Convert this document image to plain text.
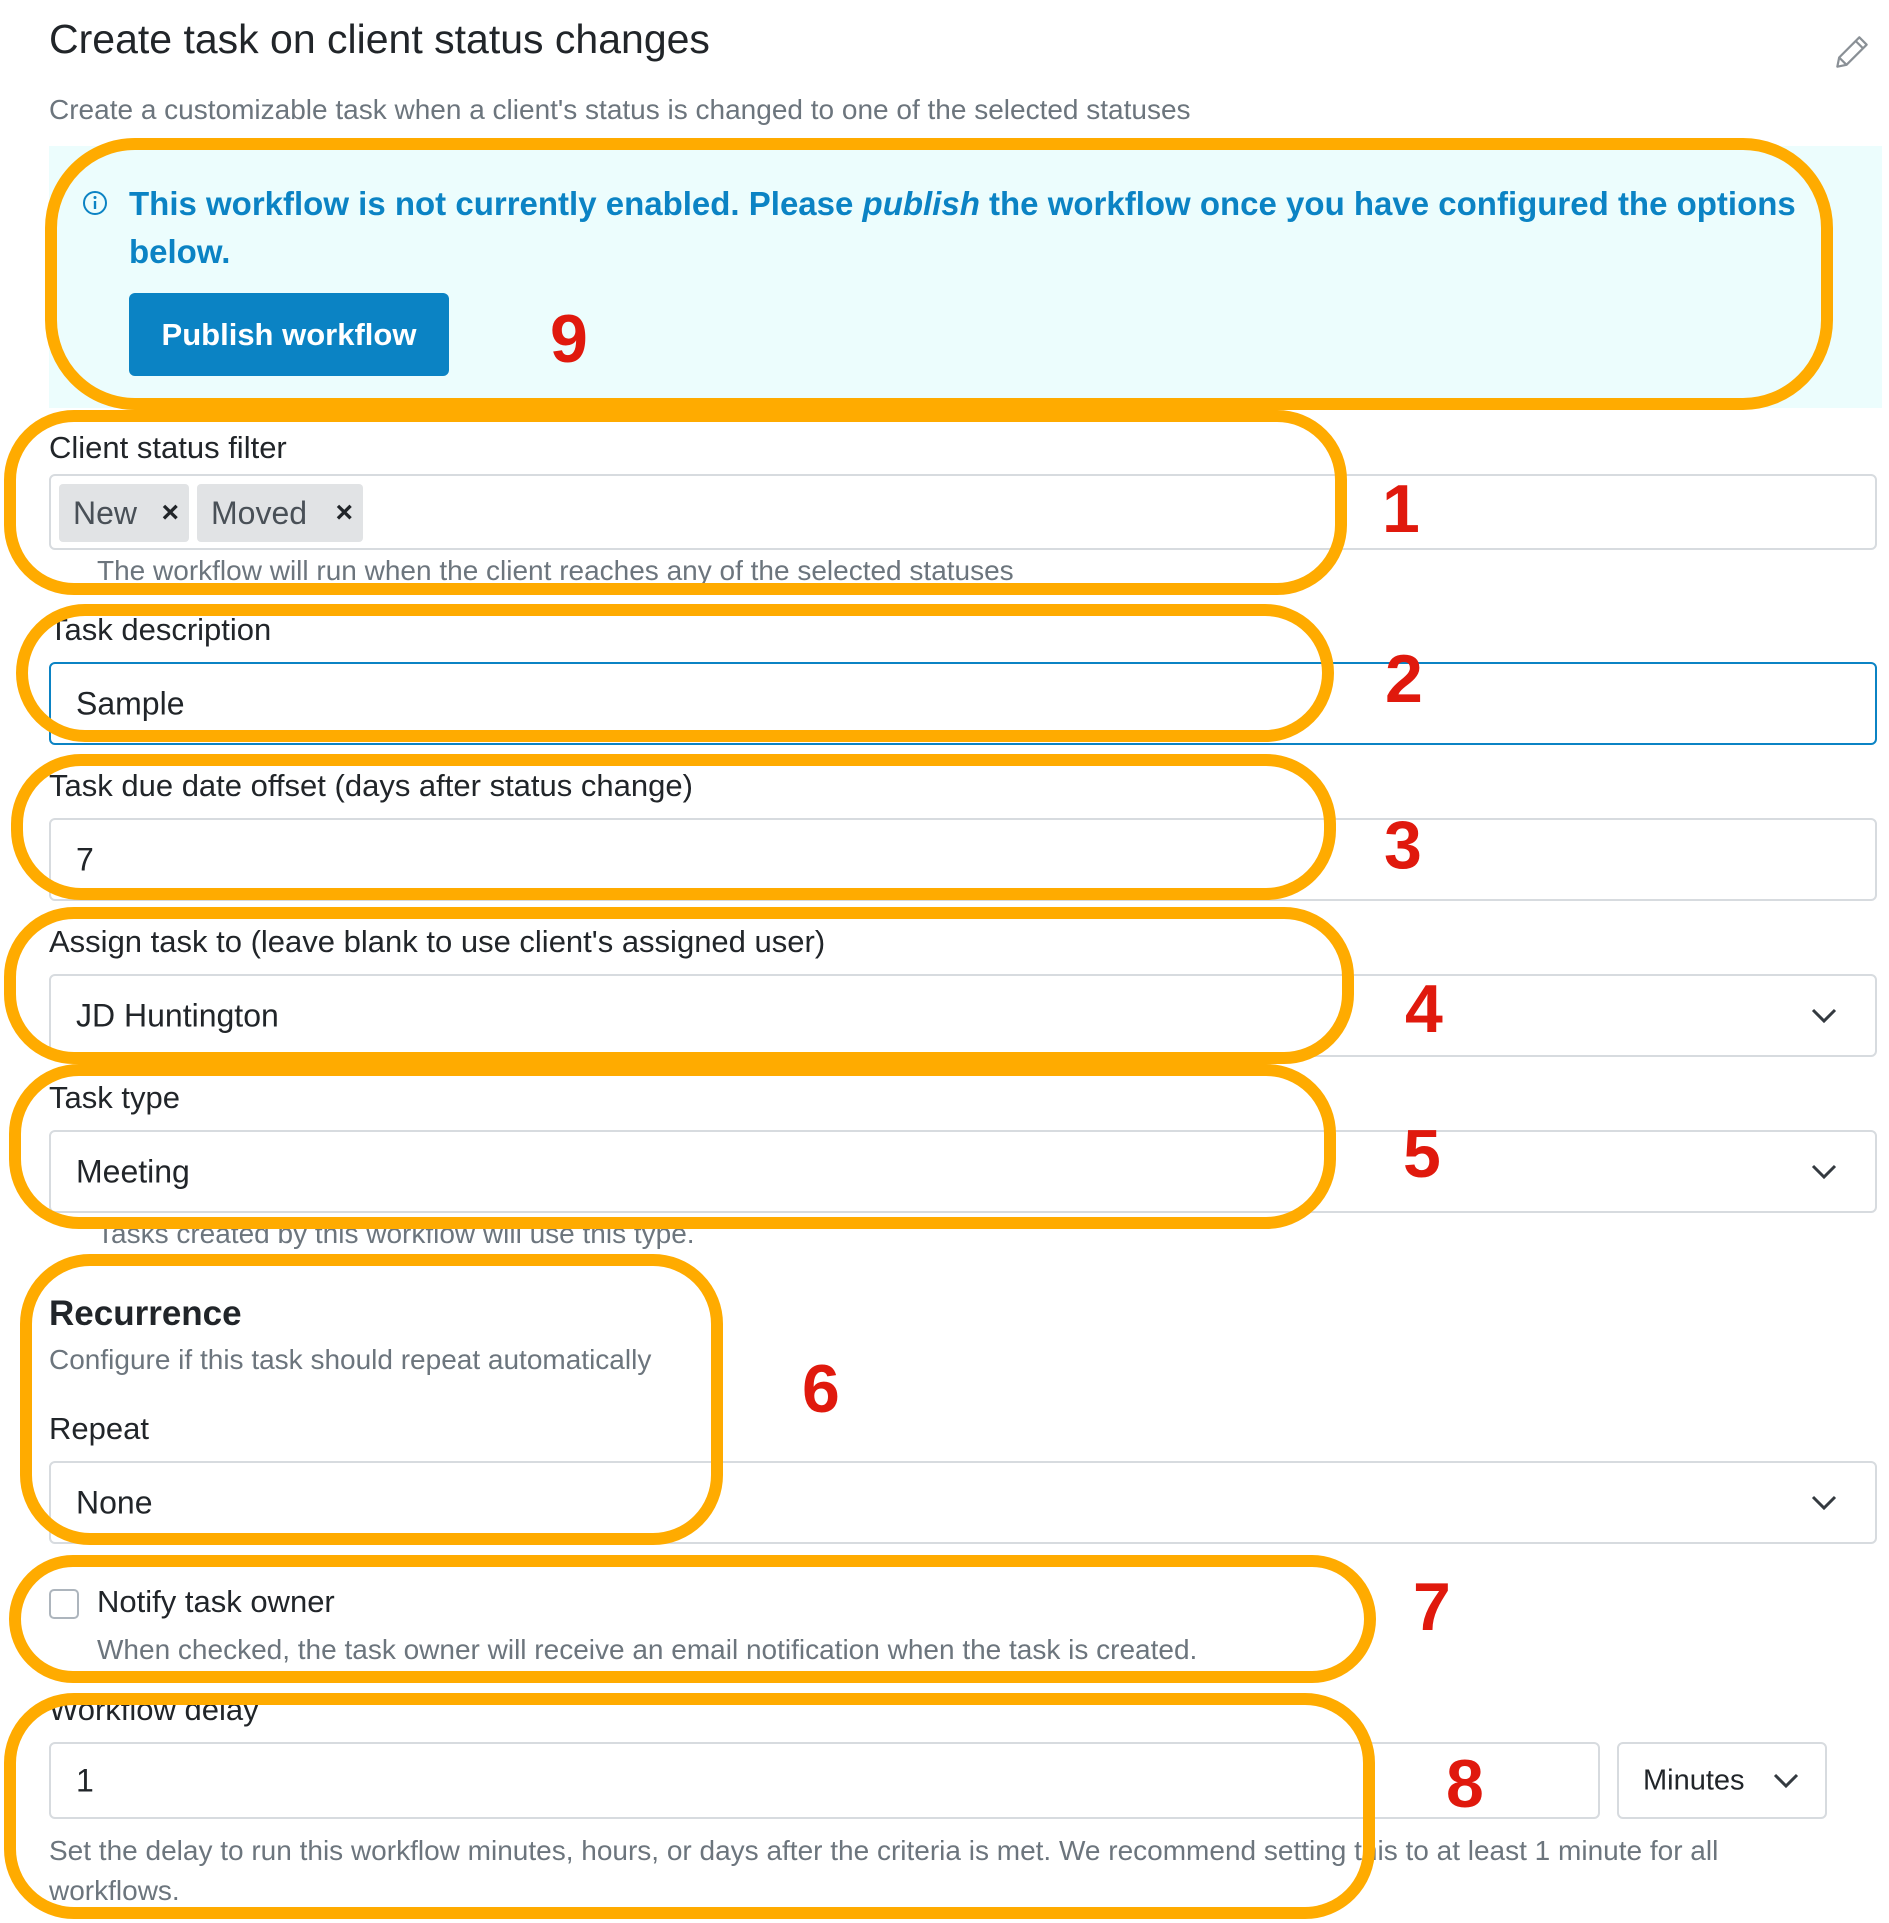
Create task on client status changes
Create a customizable task when a client's status is changed to one of the selected statuses
This workflow is not currently enabled. Please publish the workflow once you have configured the options below.
Publish workflow
Client status filter
New × Moved ×
The workflow will run when the client reaches any of the selected statuses
Task description
Sample
Task due date offset (days after status change)
7
Assign task to (leave blank to use client's assigned user)
JD Huntington
Task type
Meeting
Tasks created by this workflow will use this type.
Recurrence
Configure if this task should repeat automatically
Repeat
None
Notify task owner
When checked, the task owner will receive an email notification when the task is created.
Workflow delay
1	Minutes
Set the delay to run this workflow minutes, hours, or days after the criteria is met. We recommend setting this to at least 1 minute for all workflows.
9
1
2
3
4
5
6
7
8
